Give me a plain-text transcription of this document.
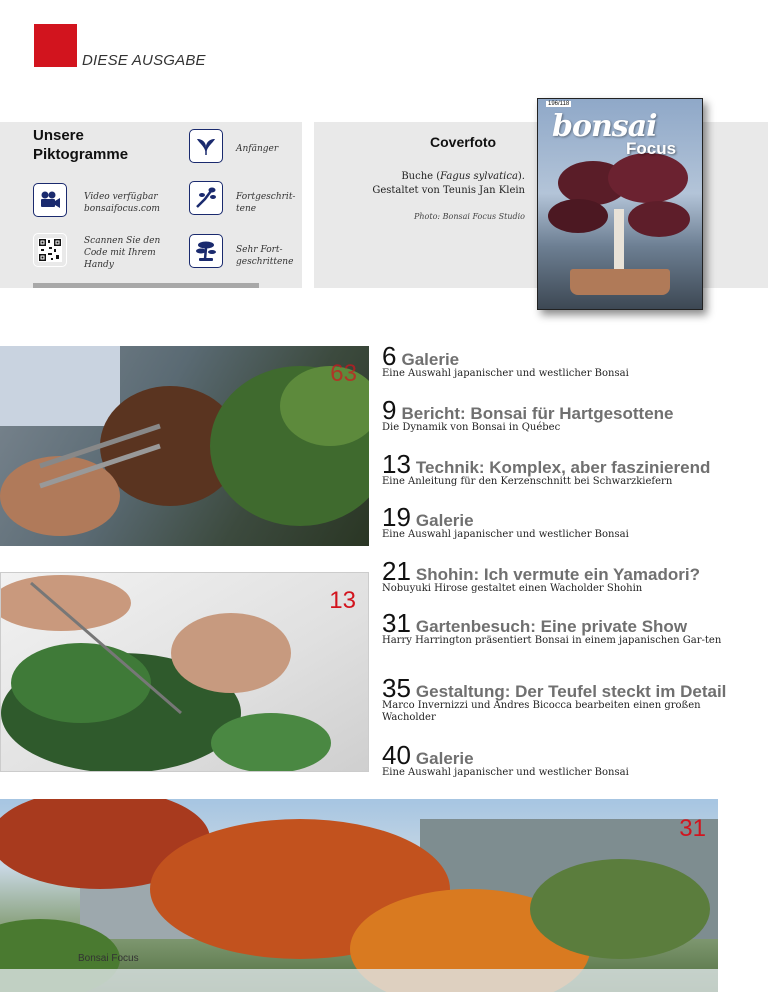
DIESE AUSGABE
Unsere Piktogramme	Anfänger
Video verfügbar bonsaifocus.com
Fortgeschrit-tene
Scannen Sie den Code mit Ihrem Handy
Sehr Fort-geschrittene
Coverfoto
Buche (Fagus sylvatica).
Gestaltet von Teunis Jan Klein
Photo: Bonsai Focus Studio
196/118
bonsai
Focus
63
13
31
Bonsai Focus
6 Galerie
Eine Auswahl japanischer und westlicher Bonsai
9 Bericht: Bonsai für Hartgesottene
Die Dynamik von Bonsai in Québec
13 Technik: Komplex, aber faszinierend
Eine Anleitung für den Kerzenschnitt bei Schwarzkiefern
19 Galerie
Eine Auswahl japanischer und westlicher Bonsai
21 Shohin: Ich vermute ein Yamadori?
Nobuyuki Hirose gestaltet einen Wacholder Shohin
31 Gartenbesuch: Eine private Show
Harry Harrington präsentiert Bonsai in einem japanischen Gar-ten
35 Gestaltung: Der Teufel steckt im Detail
Marco Invernizzi und Andres Bicocca bearbeiten einen großen Wacholder
40 Galerie
Eine Auswahl japanischer und westlicher Bonsai
